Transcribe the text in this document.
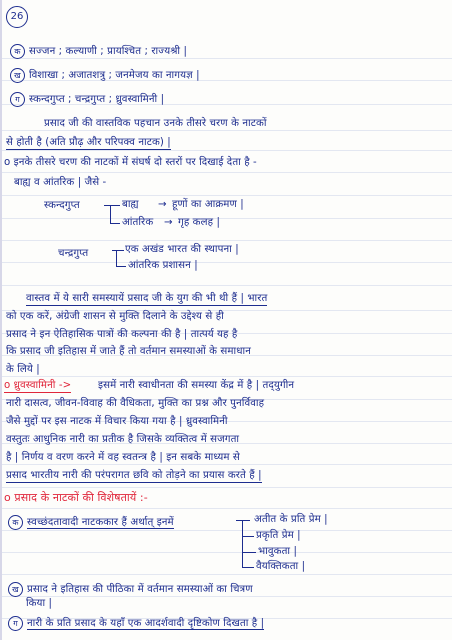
26
क सज्जन ; कल्याणी ; प्रायश्चित ; राज्यश्री |
ख विशाखा ; अजातशत्रु ; जनमेजय का नागयज्ञ |
ग स्कन्दगुप्त ; चन्द्रगुप्त ; ध्रुवस्वामिनी |
प्रसाद जी की वास्तविक पहचान उनके तीसरे चरण के नाटकों
से होती है (अति प्रौढ़ और परिपक्व नाटक) |
o इनके तीसरे चरण की नाटकों में संघर्ष दो स्तरों पर दिखाई देता है -
बाह्य व आंतरिक | जैसे -
स्कन्दगुप्त	बाह्य → हूणों का आक्रमण |
आंतरिक → गृह कलह |
चन्द्रगुप्त	एक अखंड भारत की स्थापना |
आंतरिक प्रशासन |
वास्तव में ये सारी समस्यायें प्रसाद जी के युग की भी थी हैं | भारत
को एक करें, अंग्रेजी शासन से मुक्ति दिलाने के उद्देश्य से ही
प्रसाद ने इन ऐतिहासिक पात्रों की कल्पना की है | तात्पर्य यह है
कि प्रसाद जी इतिहास में जाते हैं तो वर्तमान समस्याओं के समाधान
के लिये |
o ध्रुवस्वामिनी ->	इसमें नारी स्वाधीनता की समस्या केंद्र में है | तद्‌युगीन
नारी दासत्व, जीवन-विवाह की वैधिकता, मुक्ति का प्रश्न और पुनर्विवाह
जैसे मुद्दों पर इस नाटक में विचार किया गया है | ध्रुवस्वामिनी
वस्तुतः आधुनिक नारी का प्रतीक है जिसके व्यक्तित्व में सजगता
है | निर्णय व वरण करने में वह स्वतन्त्र है | इन सबके माध्यम से
प्रसाद भारतीय नारी की परंपरागत छवि को तोड़ने का प्रयास करते हैं |
o प्रसाद के नाटकों की विशेषतायें :-
क स्वच्छंदतावादी नाटककार हैं अर्थात् इनमें	अतीत के प्रति प्रेम |
प्रकृति प्रेम |
भावुकता |
वैयक्तिकता |
ख प्रसाद ने इतिहास की पीठिका में वर्तमान समस्याओं का चित्रण
किया |
ग नारी के प्रति प्रसाद के यहाँ एक आदर्शवादी दृष्टिकोण दिखता है |
